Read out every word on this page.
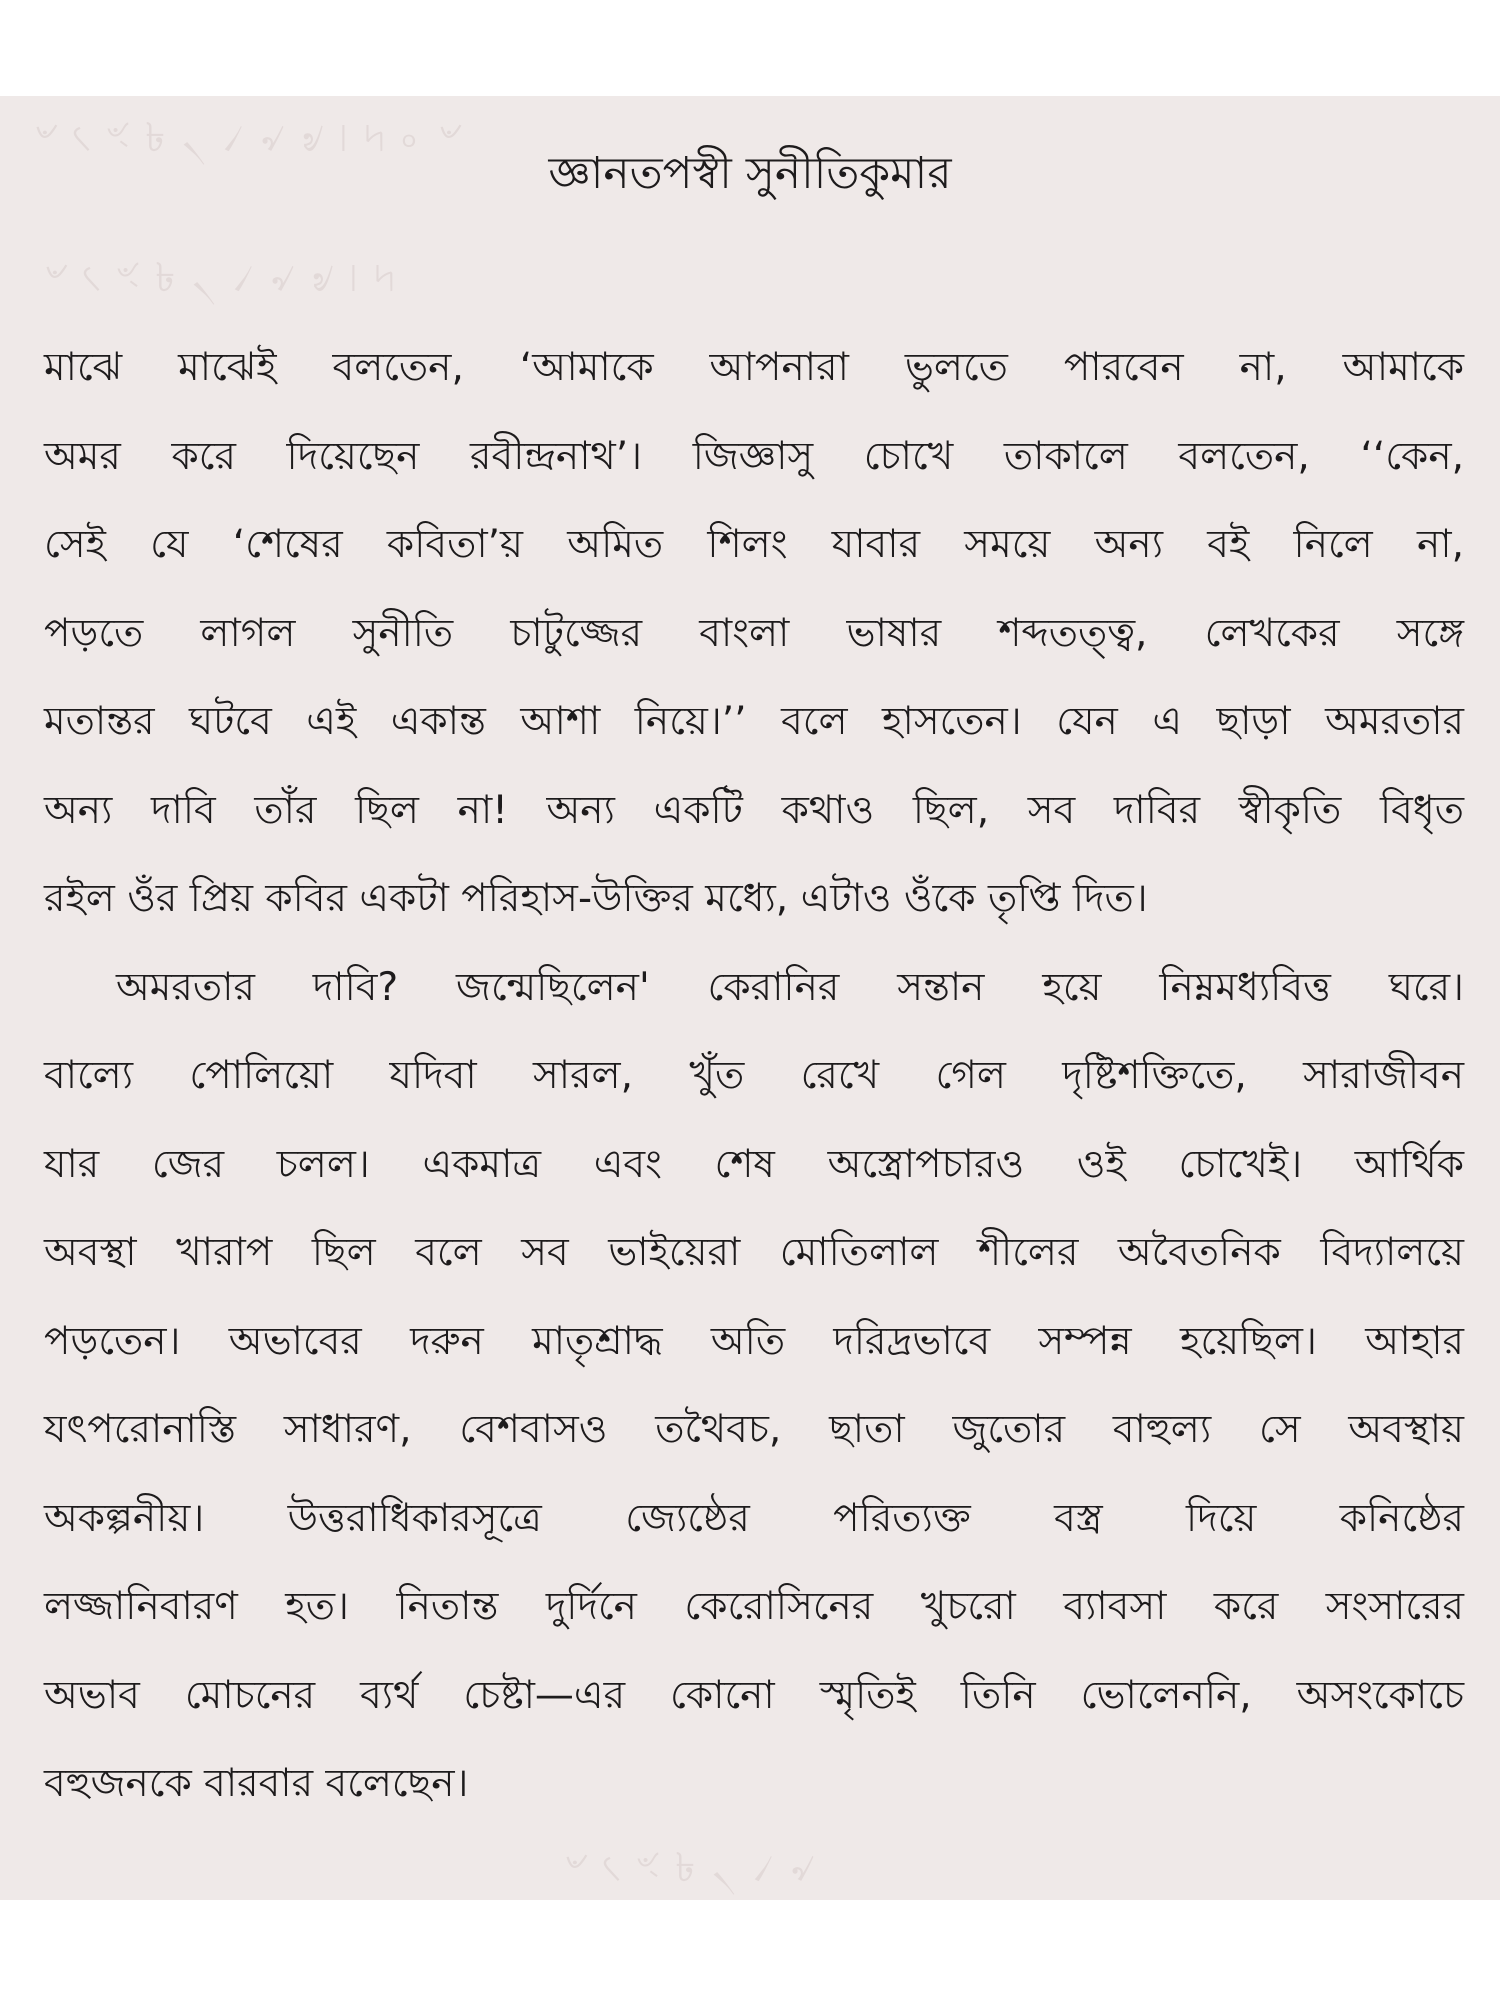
৺ ৻ ৼ ৳ ৲ ৴ ৵ ৶ ৷ ৸ ৹ ৺
৺ ৻ ৼ ৳ ৲ ৴ ৵ ৶ ৷ ৸
৺ ৻ ৼ ৳ ৲ ৴ ৵
জ্ঞানতপস্বী সুনীতিকুমার
মাঝে মাঝেই বলতেন, ‘আমাকে আপনারা ভুলতে পারবেন না, আমাকে
অমর করে দিয়েছেন রবীন্দ্রনাথ’। জিজ্ঞাসু চোখে তাকালে বলতেন, ‘‘কেন,
সেই যে ‘শেষের কবিতা’য় অমিত শিলং যাবার সময়ে অন্য বই নিলে না,
পড়তে লাগল সুনীতি চাটুজ্জের বাংলা ভাষার শব্দতত্ত্ব, লেখকের সঙ্গে
মতান্তর ঘটবে এই একান্ত আশা নিয়ে।’’ বলে হাসতেন। যেন এ ছাড়া অমরতার
অন্য দাবি তাঁর ছিল না! অন্য একটি কথাও ছিল, সব দাবির স্বীকৃতি বিধৃত
রইল ওঁর প্রিয় কবির একটা পরিহাস-উক্তির মধ্যে, এটাও ওঁকে তৃপ্তি দিত।
অমরতার দাবি? জন্মেছিলেন' কেরানির সন্তান হয়ে নিম্নমধ্যবিত্ত ঘরে।
বাল্যে পোলিয়ো যদিবা সারল, খুঁত রেখে গেল দৃষ্টিশক্তিতে, সারাজীবন
যার জের চলল। একমাত্র এবং শেষ অস্ত্রোপচারও ওই চোখেই। আর্থিক
অবস্থা খারাপ ছিল বলে সব ভাইয়েরা মোতিলাল শীলের অবৈতনিক বিদ্যালয়ে
পড়তেন। অভাবের দরুন মাতৃশ্রাদ্ধ অতি দরিদ্রভাবে সম্পন্ন হয়েছিল। আহার
যৎপরোনাস্তি সাধারণ, বেশবাসও তথৈবচ, ছাতা জুতোর বাহুল্য সে অবস্থায়
অকল্পনীয়। উত্তরাধিকারসূত্রে জ্যেষ্ঠের পরিত্যক্ত বস্ত্র দিয়ে কনিষ্ঠের
লজ্জানিবারণ হত। নিতান্ত দুর্দিনে কেরোসিনের খুচরো ব্যাবসা করে সংসারের
অভাব মোচনের ব্যর্থ চেষ্টা—এর কোনো স্মৃতিই তিনি ভোলেননি, অসংকোচে
বহুজনকে বারবার বলেছেন।
